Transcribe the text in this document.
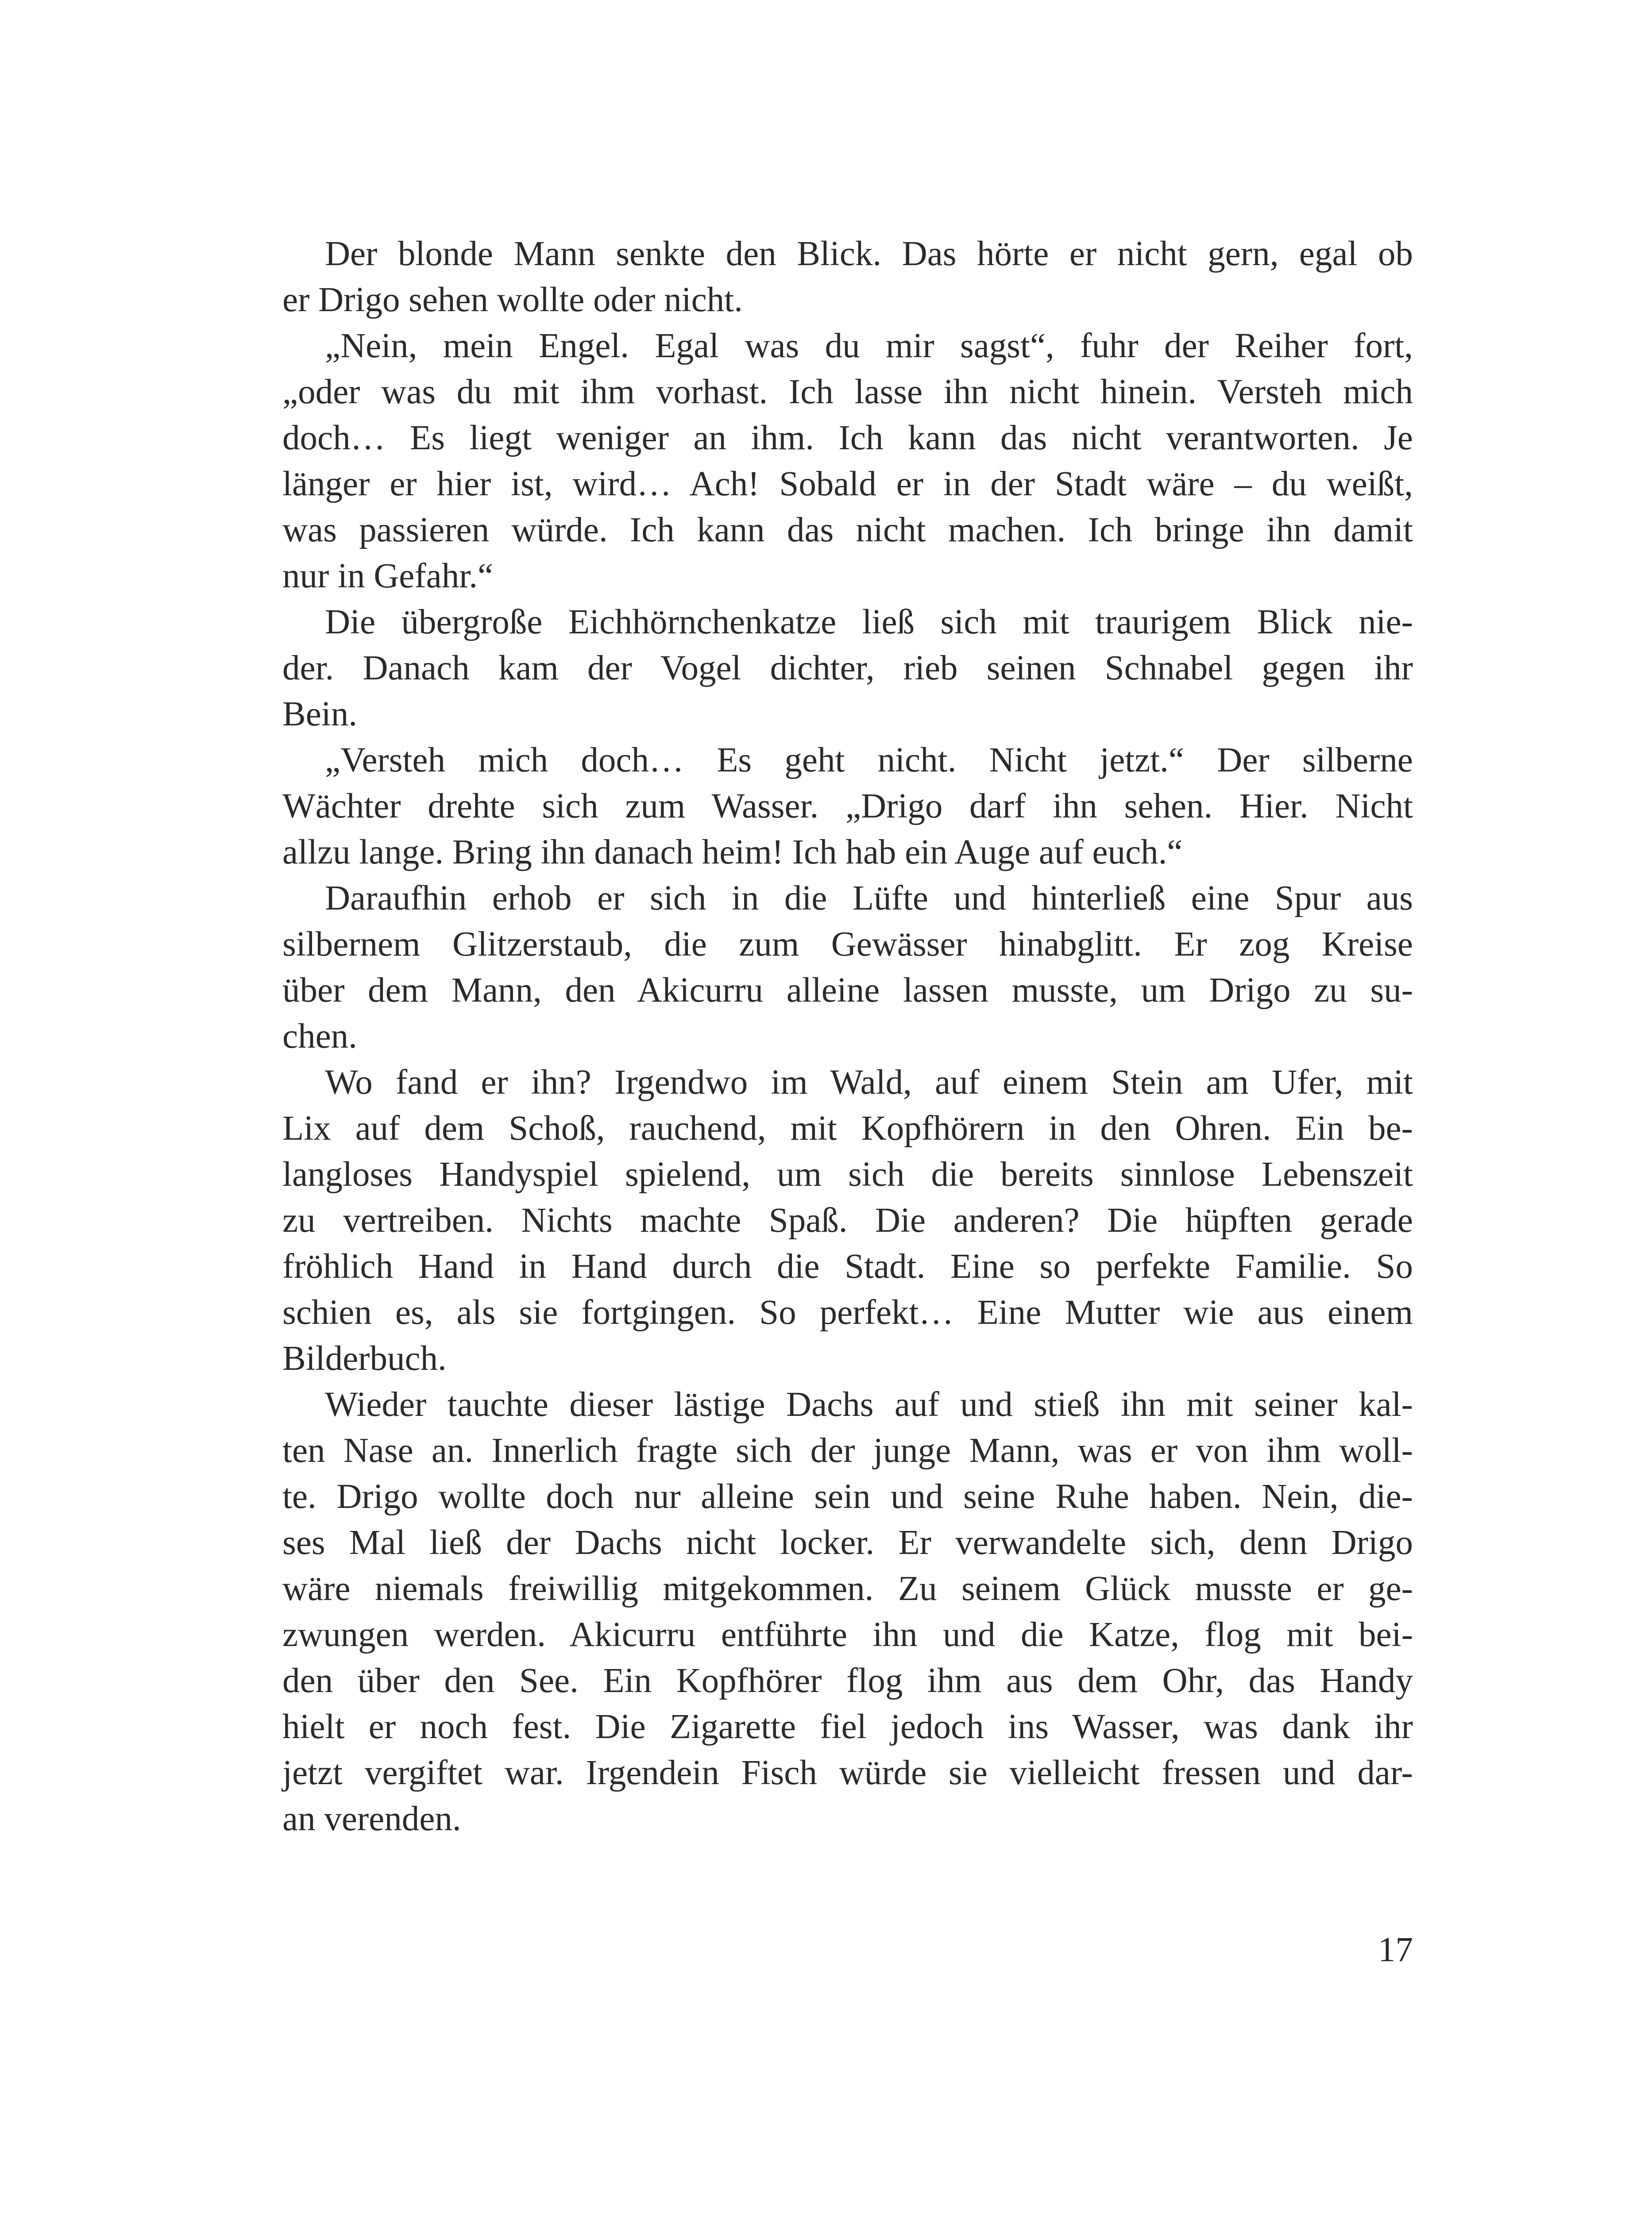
Der blonde Mann senkte den Blick. Das hörte er nicht gern, egal ob
er Drigo sehen wollte oder nicht.
„Nein, mein Engel. Egal was du mir sagst“, fuhr der Reiher fort,
„oder was du mit ihm vorhast. Ich lasse ihn nicht hinein. Versteh mich
doch… Es liegt weniger an ihm. Ich kann das nicht verantworten. Je
länger er hier ist, wird… Ach! Sobald er in der Stadt wäre – du weißt,
was passieren würde. Ich kann das nicht machen. Ich bringe ihn damit
nur in Gefahr.“
Die übergroße Eichhörnchenkatze ließ sich mit traurigem Blick nie-
der. Danach kam der Vogel dichter, rieb seinen Schnabel gegen ihr
Bein.
„Versteh mich doch… Es geht nicht. Nicht jetzt.“ Der silberne
Wächter drehte sich zum Wasser. „Drigo darf ihn sehen. Hier. Nicht
allzu lange. Bring ihn danach heim! Ich hab ein Auge auf euch.“
Daraufhin erhob er sich in die Lüfte und hinterließ eine Spur aus
silbernem Glitzerstaub, die zum Gewässer hinabglitt. Er zog Kreise
über dem Mann, den Akicurru alleine lassen musste, um Drigo zu su-
chen.
Wo fand er ihn? Irgendwo im Wald, auf einem Stein am Ufer, mit
Lix auf dem Schoß, rauchend, mit Kopfhörern in den Ohren. Ein be-
langloses Handyspiel spielend, um sich die bereits sinnlose Lebenszeit
zu vertreiben. Nichts machte Spaß. Die anderen? Die hüpften gerade
fröhlich Hand in Hand durch die Stadt. Eine so perfekte Familie. So
schien es, als sie fortgingen. So perfekt… Eine Mutter wie aus einem
Bilderbuch.
Wieder tauchte dieser lästige Dachs auf und stieß ihn mit seiner kal-
ten Nase an. Innerlich fragte sich der junge Mann, was er von ihm woll-
te. Drigo wollte doch nur alleine sein und seine Ruhe haben. Nein, die-
ses Mal ließ der Dachs nicht locker. Er verwandelte sich, denn Drigo
wäre niemals freiwillig mitgekommen. Zu seinem Glück musste er ge-
zwungen werden. Akicurru entführte ihn und die Katze, flog mit bei-
den über den See. Ein Kopfhörer flog ihm aus dem Ohr, das Handy
hielt er noch fest. Die Zigarette fiel jedoch ins Wasser, was dank ihr
jetzt vergiftet war. Irgendein Fisch würde sie vielleicht fressen und dar-
an verenden.
17
